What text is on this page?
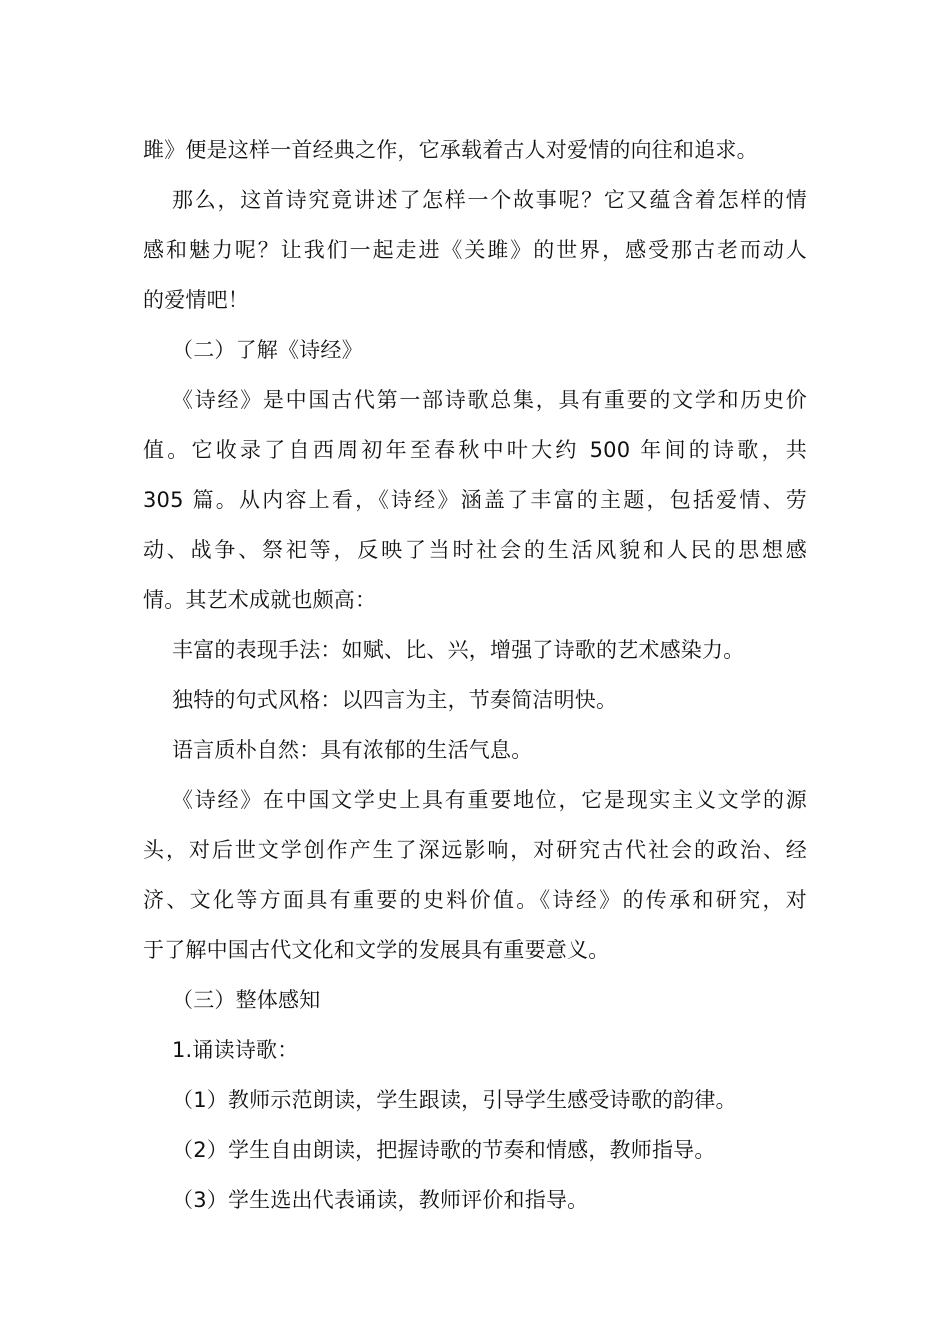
雎》便是这样一首经典之作，它承载着古人对爱情的向往和追求。
那么，这首诗究竟讲述了怎样一个故事呢？它又蕴含着怎样的情
感和魅力呢？让我们一起走进《关雎》的世界，感受那古老而动人
的爱情吧！
（二）了解《诗经》
《诗经》是中国古代第一部诗歌总集，具有重要的文学和历史价
值。它收录了自西周初年至春秋中叶大约 500 年间的诗歌，共
305 篇。从内容上看，《诗经》涵盖了丰富的主题，包括爱情、劳
动、战争、祭祀等，反映了当时社会的生活风貌和人民的思想感
情。其艺术成就也颇高：
丰富的表现手法：如赋、比、兴，增强了诗歌的艺术感染力。
独特的句式风格：以四言为主，节奏简洁明快。
语言质朴自然：具有浓郁的生活气息。
《诗经》在中国文学史上具有重要地位，它是现实主义文学的源
头，对后世文学创作产生了深远影响，对研究古代社会的政治、经
济、文化等方面具有重要的史料价值。《诗经》的传承和研究，对
于了解中国古代文化和文学的发展具有重要意义。
（三）整体感知
1.诵读诗歌：
（1）教师示范朗读，学生跟读，引导学生感受诗歌的韵律。
（2）学生自由朗读，把握诗歌的节奏和情感，教师指导。
（3）学生选出代表诵读，教师评价和指导。
